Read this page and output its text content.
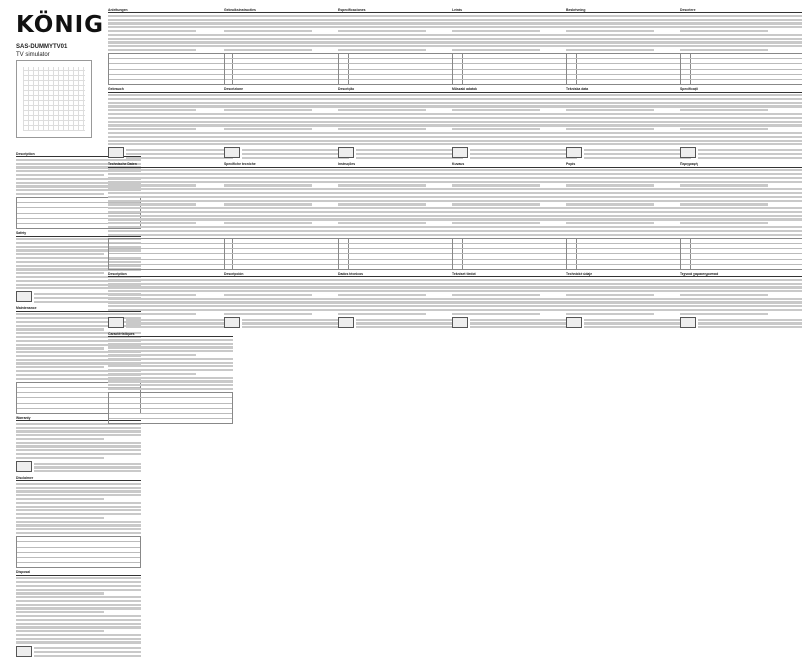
KÖNIG
SAS-DUMMYTV01
TV simulator
Description
Safety
Maintenance
Warranty
Disclaimer
Disposal
Anleitungen
Gebrauch
Technische Daten
Description
Caractéristiques
Gebruiksinstructies
Descrizione
Specifiche tecniche
Descripción
Especificaciones
Descrição
Instruções
Dados técnicos
Leírás
Műszaki adatok
Kuvaus
Tekniset tiedot
Beskrivning
Tekniska data
Popis
Technické údaje
Descriere
Specificaţii
Περιγραφή
Τεχνικά χαρακτηριστικά
